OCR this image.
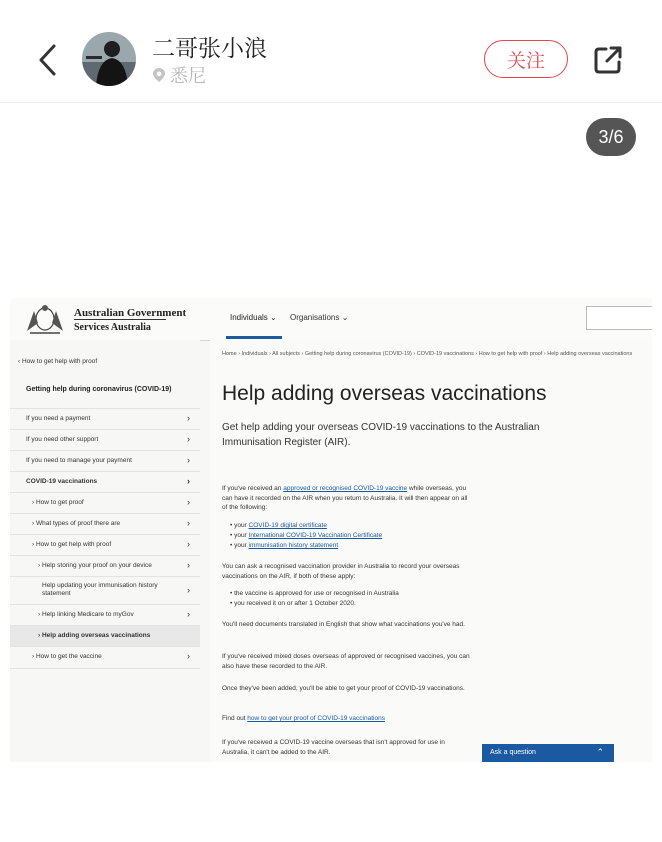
二哥张小浪
悉尼
关注
3/6
Australian Government
Services Australia
Individuals ⌄ Organisations ⌄
‹ How to get help with proof
Getting help during coronavirus (COVID-19)
If you need a payment	›
If you need other support	›
If you need to manage your payment	›
COVID-19 vaccinations	›
› How to get proof	›
› What types of proof there are	›
› How to get help with proof	›
› Help storing your proof on your device	›
Help updating your immunisation history statement	›
› Help linking Medicare to myGov	›
› Help adding overseas vaccinations
› How to get the vaccine	›
Home › Individuals › All subjects › Getting help during coronavirus (COVID-19) › COVID-19 vaccinations › How to get help with proof › Help adding overseas vaccinations
Help adding overseas vaccinations
Get help adding your overseas COVID-19 vaccinations to the Australian Immunisation Register (AIR).
If you've received an approved or recognised COVID-19 vaccine while overseas, you can have it recorded on the AIR when you return to Australia. It will then appear on all of the following:
• your COVID-19 digital certificate
• your International COVID-19 Vaccination Certificate
• your immunisation history statement
You can ask a recognised vaccination provider in Australia to record your overseas vaccinations on the AIR, if both of these apply:
• the vaccine is approved for use or recognised in Australia
• you received it on or after 1 October 2020.
You'll need documents translated in English that show what vaccinations you've had.
If you've received mixed doses overseas of approved or recognised vaccines, you can also have these recorded to the AIR.
Once they've been added, you'll be able to get your proof of COVID-19 vaccinations.
Find out how to get your proof of COVID-19 vaccinations
If you've received a COVID-19 vaccine overseas that isn't approved for use in Australia, it can't be added to the AIR.	Ask a question	⌃
